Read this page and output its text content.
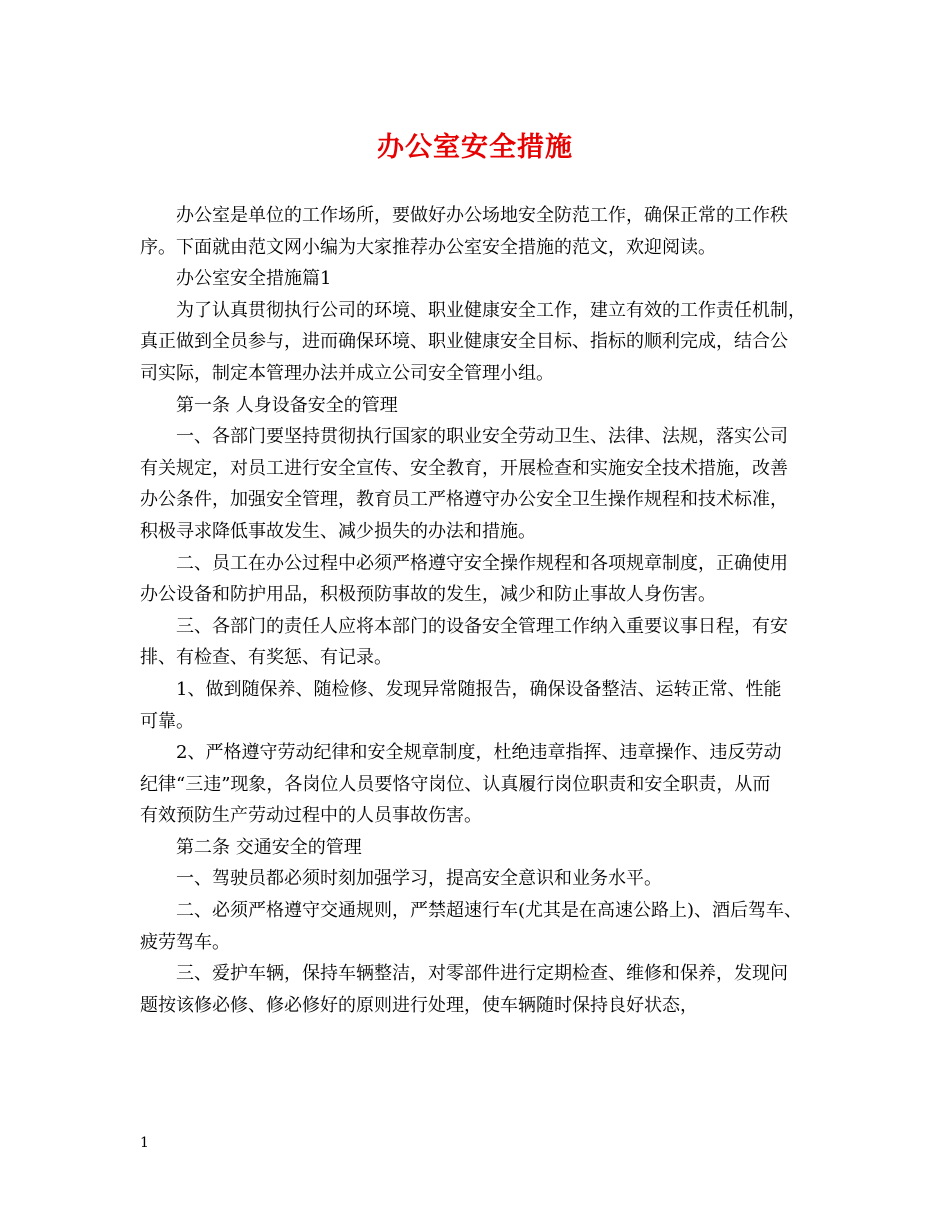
办公室安全措施
办公室是单位的工作场所，要做好办公场地安全防范工作，确保正常的工作秩
序。下面就由范文网小编为大家推荐办公室安全措施的范文，欢迎阅读。
办公室安全措施篇1
为了认真贯彻执行公司的环境、职业健康安全工作，建立有效的工作责任机制，
真正做到全员参与，进而确保环境、职业健康安全目标、指标的顺利完成，结合公
司实际，制定本管理办法并成立公司安全管理小组。
第一条 人身设备安全的管理
一、各部门要坚持贯彻执行国家的职业安全劳动卫生、法律、法规，落实公司
有关规定，对员工进行安全宣传、安全教育，开展检查和实施安全技术措施，改善
办公条件，加强安全管理，教育员工严格遵守办公安全卫生操作规程和技术标准，
积极寻求降低事故发生、减少损失的办法和措施。
二、员工在办公过程中必须严格遵守安全操作规程和各项规章制度，正确使用
办公设备和防护用品，积极预防事故的发生，减少和防止事故人身伤害。
三、各部门的责任人应将本部门的设备安全管理工作纳入重要议事日程，有安
排、有检查、有奖惩、有记录。
1、做到随保养、随检修、发现异常随报告，确保设备整洁、运转正常、性能
可靠。
2、严格遵守劳动纪律和安全规章制度，杜绝违章指挥、违章操作、违反劳动
纪律“三违”现象，各岗位人员要恪守岗位、认真履行岗位职责和安全职责，从而
有效预防生产劳动过程中的人员事故伤害。
第二条 交通安全的管理
一、驾驶员都必须时刻加强学习，提高安全意识和业务水平。
二、必须严格遵守交通规则，严禁超速行车(尤其是在高速公路上)、酒后驾车、
疲劳驾车。
三、爱护车辆，保持车辆整洁，对零部件进行定期检查、维修和保养，发现问
题按该修必修、修必修好的原则进行处理，使车辆随时保持良好状态，
1
